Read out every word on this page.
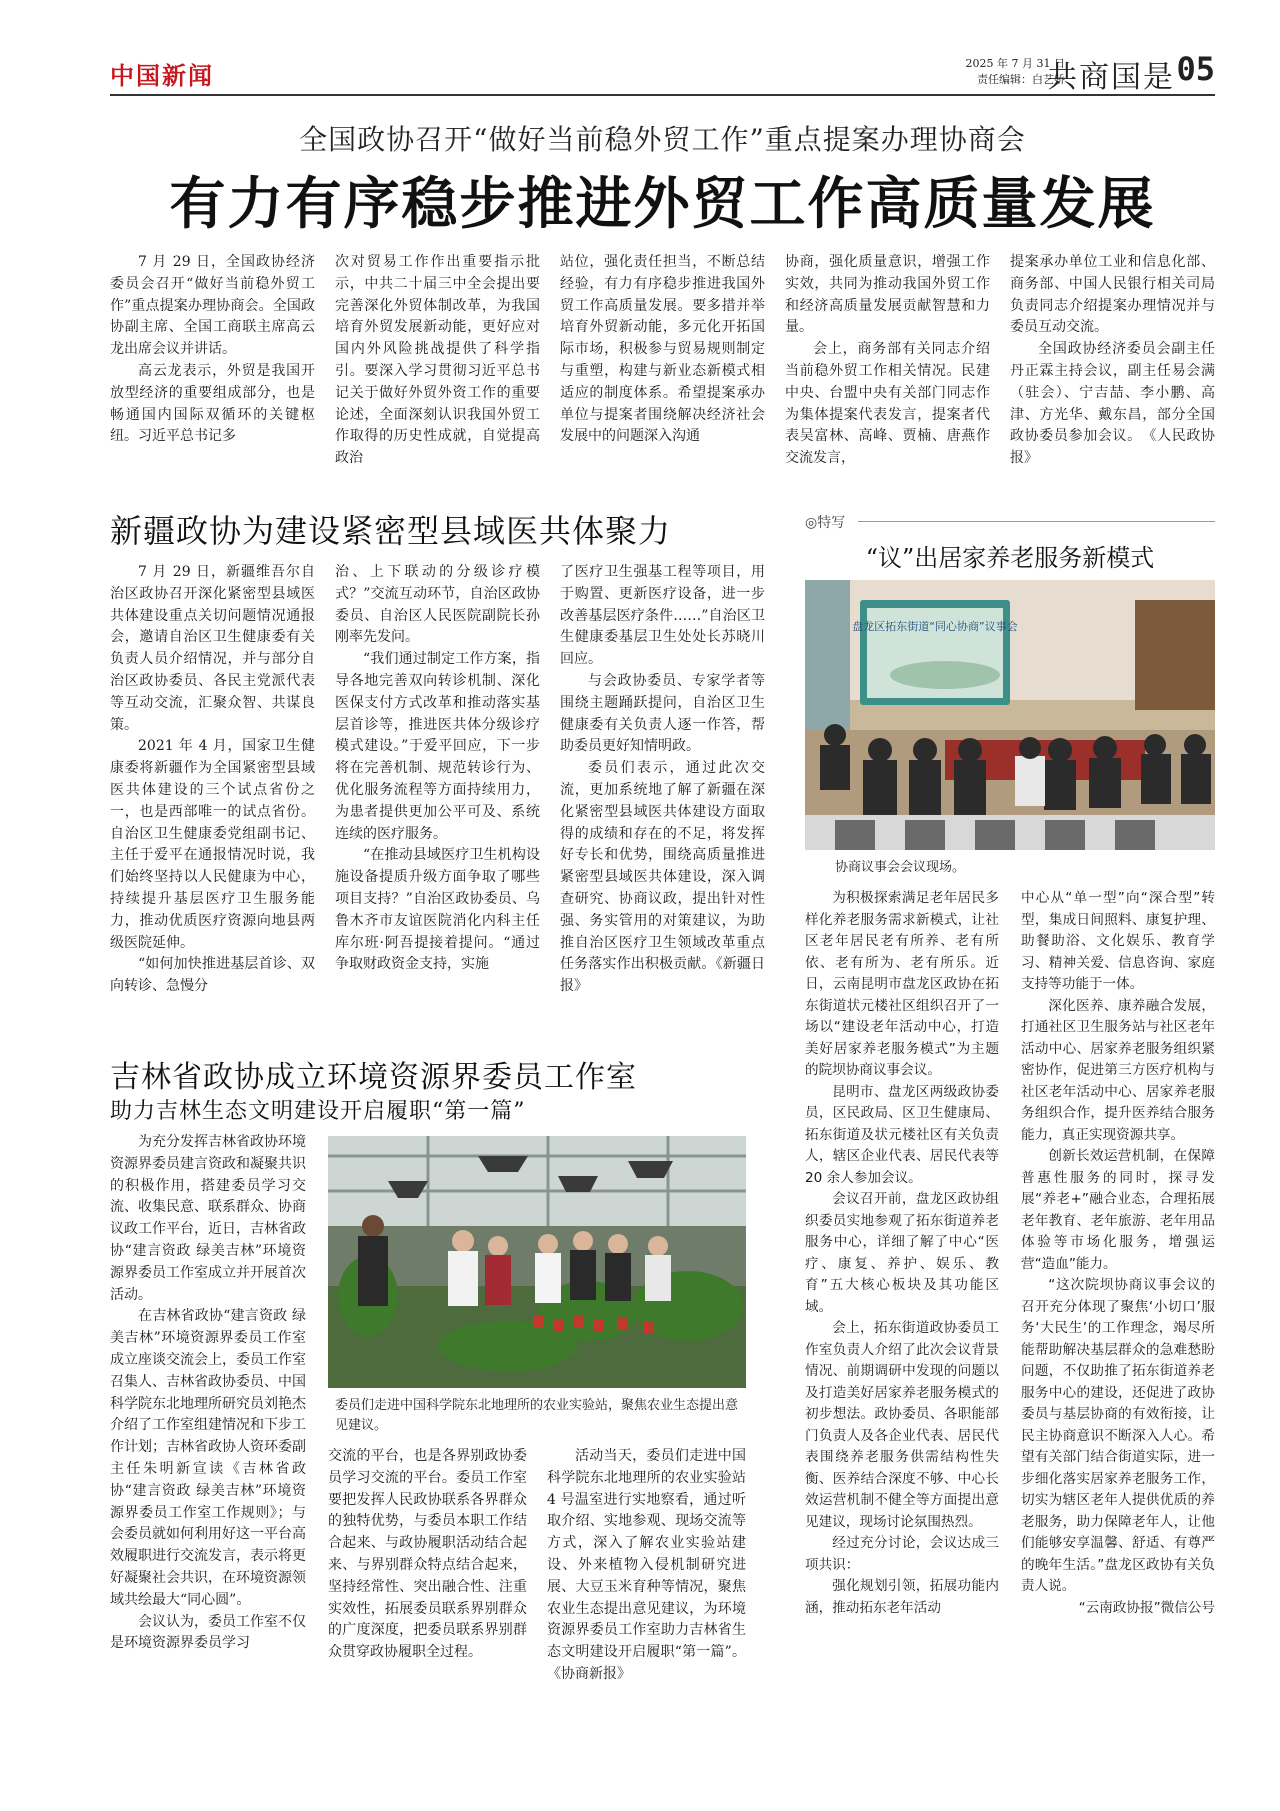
中国新闻	2025 年 7 月 31 日
责任编辑：白艺娇
共商国是 05
全国政协召开“做好当前稳外贸工作”重点提案办理协商会
有力有序稳步推进外贸工作高质量发展

7 月 29 日，全国政协经济委员会召开“做好当前稳外贸工作”重点提案办理协商会。全国政协副主席、全国工商联主席高云龙出席会议并讲话。

高云龙表示，外贸是我国开放型经济的重要组成部分，也是畅通国内国际双循环的关键枢纽。习近平总书记多

次对贸易工作作出重要指示批示，中共二十届三中全会提出要完善深化外贸体制改革，为我国培育外贸发展新动能，更好应对国内外风险挑战提供了科学指引。要深入学习贯彻习近平总书记关于做好外贸外资工作的重要论述，全面深刻认识我国外贸工作取得的历史性成就，自觉提高政治

站位，强化责任担当，不断总结经验，有力有序稳步推进我国外贸工作高质量发展。要多措并举培育外贸新动能，多元化开拓国际市场，积极参与贸易规则制定与重塑，构建与新业态新模式相适应的制度体系。希望提案承办单位与提案者围绕解决经济社会发展中的问题深入沟通

协商，强化质量意识，增强工作实效，共同为推动我国外贸工作和经济高质量发展贡献智慧和力量。

会上，商务部有关同志介绍当前稳外贸工作相关情况。民建中央、台盟中央有关部门同志作为集体提案代表发言，提案者代表吴富林、高峰、贾楠、唐燕作交流发言，

提案承办单位工业和信息化部、商务部、中国人民银行相关司局负责同志介绍提案办理情况并与委员互动交流。

全国政协经济委员会副主任丹正霖主持会议，副主任易会满（驻会）、宁吉喆、李小鹏、高津、方光华、戴东昌，部分全国政协委员参加会议。　《人民政协报》

新疆政协为建设紧密型县域医共体聚力

7 月 29 日，新疆维吾尔自治区政协召开深化紧密型县域医共体建设重点关切问题情况通报会，邀请自治区卫生健康委有关负责人员介绍情况，并与部分自治区政协委员、各民主党派代表等互动交流，汇聚众智、共谋良策。

2021 年 4 月，国家卫生健康委将新疆作为全国紧密型县域医共体建设的三个试点省份之一，也是西部唯一的试点省份。自治区卫生健康委党组副书记、主任于爱平在通报情况时说，我们始终坚持以人民健康为中心，持续提升基层医疗卫生服务能力，推动优质医疗资源向地县两级医院延伸。

“如何加快推进基层首诊、双向转诊、急慢分

治、上下联动的分级诊疗模式？”交流互动环节，自治区政协委员、自治区人民医院副院长孙刚率先发问。

“我们通过制定工作方案，指导各地完善双向转诊机制、深化医保支付方式改革和推动落实基层首诊等，推进医共体分级诊疗模式建设。”于爱平回应，下一步将在完善机制、规范转诊行为、优化服务流程等方面持续用力，为患者提供更加公平可及、系统连续的医疗服务。

“在推动县域医疗卫生机构设施设备提质升级方面争取了哪些项目支持？”自治区政协委员、乌鲁木齐市友谊医院消化内科主任库尔班·阿吾提接着提问。“通过争取财政资金支持，实施

了医疗卫生强基工程等项目，用于购置、更新医疗设备，进一步改善基层医疗条件……”自治区卫生健康委基层卫生处处长苏晓川回应。

与会政协委员、专家学者等围绕主题踊跃提问，自治区卫生健康委有关负责人逐一作答，帮助委员更好知情明政。

委员们表示，通过此次交流，更加系统地了解了新疆在深化紧密型县域医共体建设方面取得的成绩和存在的不足，将发挥好专长和优势，围绕高质量推进紧密型县域医共体建设，深入调查研究、协商议政，提出针对性强、务实管用的对策建议，为助推自治区医疗卫生领域改革重点任务落实作出积极贡献。《新疆日报》

◎特写
“议”出居家养老服务新模式
盘龙区拓东街道“同心协商”议事会
协商议事会会议现场。

为积极探索满足老年居民多样化养老服务需求新模式，让社区老年居民老有所养、老有所依、老有所为、老有所乐。近日，云南昆明市盘龙区政协在拓东街道状元楼社区组织召开了一场以“建设老年活动中心，打造美好居家养老服务模式”为主题的院坝协商议事会议。

昆明市、盘龙区两级政协委员，区民政局、区卫生健康局、拓东街道及状元楼社区有关负责人，辖区企业代表、居民代表等 20 余人参加会议。

会议召开前，盘龙区政协组织委员实地参观了拓东街道养老服务中心，详细了解了中心“医疗、康复、养护、娱乐、教育”五大核心板块及其功能区域。

会上，拓东街道政协委员工作室负责人介绍了此次会议背景情况、前期调研中发现的问题以及打造美好居家养老服务模式的初步想法。政协委员、各职能部门负责人及各企业代表、居民代表围绕养老服务供需结构性失衡、医养结合深度不够、中心长效运营机制不健全等方面提出意见建议，现场讨论氛围热烈。

经过充分讨论，会议达成三项共识：

强化规划引领，拓展功能内涵，推动拓东老年活动

中心从“单一型”向“深合型”转型，集成日间照料、康复护理、助餐助浴、文化娱乐、教育学习、精神关爱、信息咨询、家庭支持等功能于一体。

深化医养、康养融合发展，打通社区卫生服务站与社区老年活动中心、居家养老服务组织紧密协作，促进第三方医疗机构与社区老年活动中心、居家养老服务组织合作，提升医养结合服务能力，真正实现资源共享。

创新长效运营机制，在保障普惠性服务的同时，探寻发展“养老+”融合业态，合理拓展老年教育、老年旅游、老年用品体验等市场化服务，增强运营“造血”能力。

“这次院坝协商议事会议的召开充分体现了聚焦‘小切口’服务‘大民生’的工作理念，竭尽所能帮助解决基层群众的急难愁盼问题，不仅助推了拓东街道养老服务中心的建设，还促进了政协委员与基层协商的有效衔接，让民主协商意识不断深入人心。希望有关部门结合街道实际，进一步细化落实居家养老服务工作，切实为辖区老年人提供优质的养老服务，助力保障老年人，让他们能够安享温馨、舒适、有尊严的晚年生活。”盘龙区政协有关负责人说。

“云南政协报”微信公号

吉林省政协成立环境资源界委员工作室
助力吉林生态文明建设开启履职“第一篇”

为充分发挥吉林省政协环境资源界委员建言资政和凝聚共识的积极作用，搭建委员学习交流、收集民意、联系群众、协商议政工作平台，近日，吉林省政协“建言资政 绿美吉林”环境资源界委员工作室成立并开展首次活动。

在吉林省政协“建言资政 绿美吉林”环境资源界委员工作室成立座谈交流会上，委员工作室召集人、吉林省政协委员、中国科学院东北地理所研究员刘艳杰介绍了工作室组建情况和下步工作计划；吉林省政协人资环委副主任朱明新宣读《吉林省政协“建言资政 绿美吉林”环境资源界委员工作室工作规则》；与会委员就如何利用好这一平台高效履职进行交流发言，表示将更好凝聚社会共识，在环境资源领域共绘最大“同心圆”。

会议认为，委员工作室不仅是环境资源界委员学习

委员们走进中国科学院东北地理所的农业实验站，聚焦农业生态提出意见建议。

交流的平台，也是各界别政协委员学习交流的平台。委员工作室要把发挥人民政协联系各界群众的独特优势，与委员本职工作结合起来、与政协履职活动结合起来、与界别群众特点结合起来，坚持经常性、突出融合性、注重实效性，拓展委员联系界别群众的广度深度，把委员联系界别群众贯穿政协履职全过程。

活动当天，委员们走进中国科学院东北地理所的农业实验站 4 号温室进行实地察看，通过听取介绍、实地参观、现场交流等方式，深入了解农业实验站建设、外来植物入侵机制研究进展、大豆玉米育种等情况，聚焦农业生态提出意见建议，为环境资源界委员工作室助力吉林省生态文明建设开启履职“第一篇”。《协商新报》
